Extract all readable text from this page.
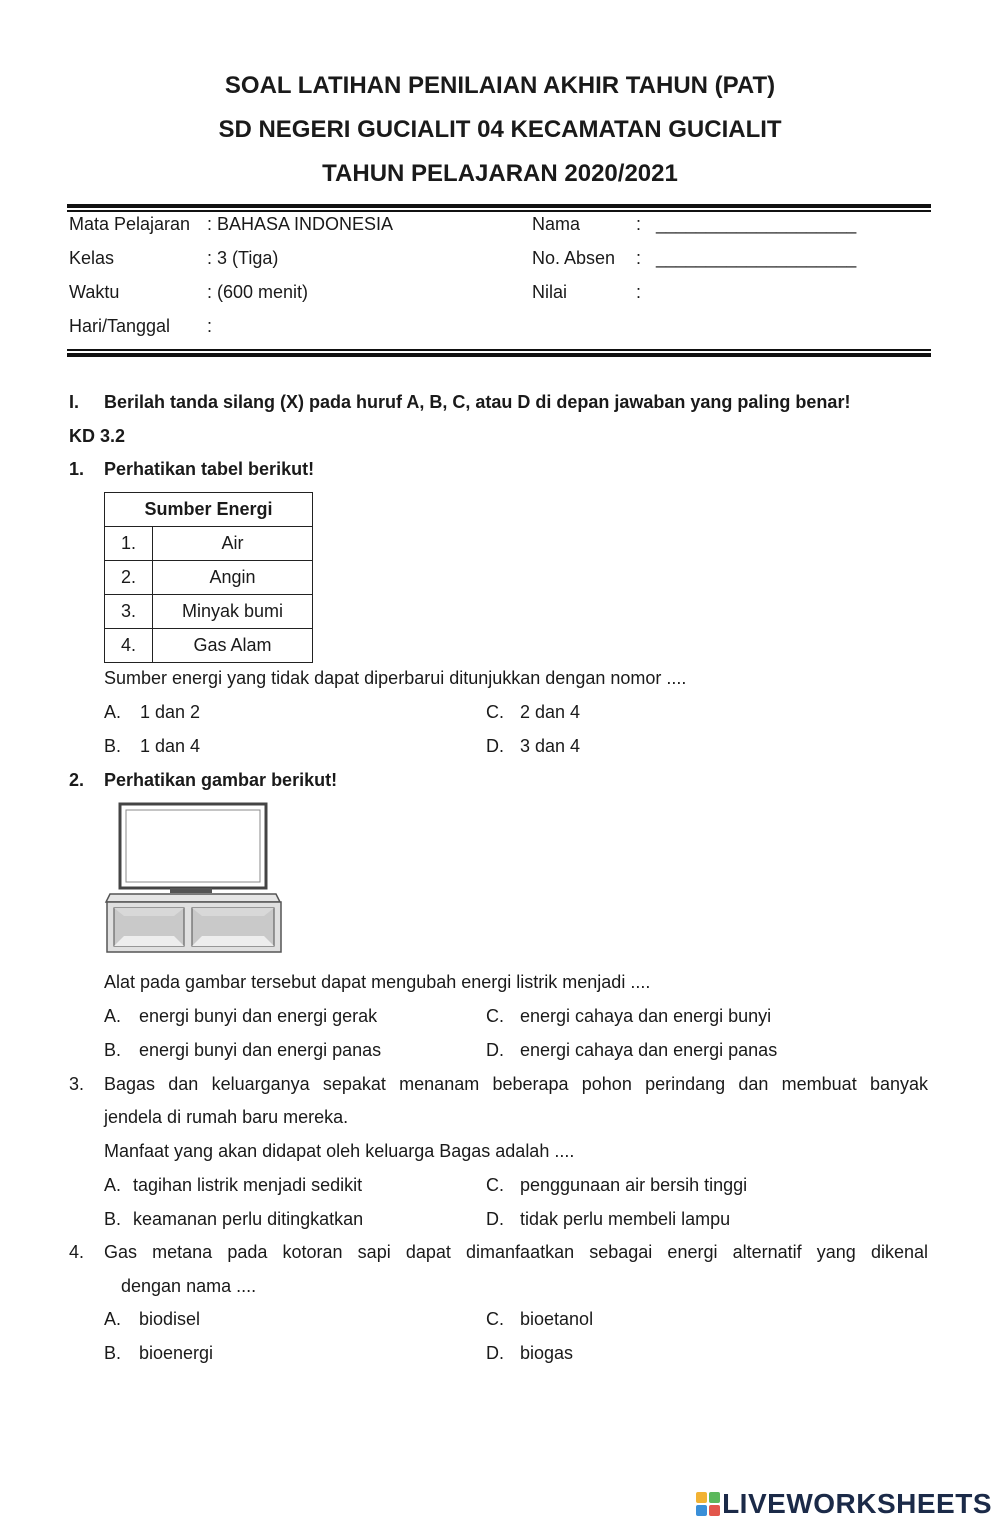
SOAL LATIHAN PENILAIAN AKHIR TAHUN (PAT)
SD NEGERI GUCIALIT 04 KECAMATAN GUCIALIT
TAHUN PELAJARAN 2020/2021
Mata Pelajaran : BAHASA INDONESIA
Kelas	: 3 (Tiga)
Waktu	: (600 menit)
Hari/Tanggal :
Nama	: ____________________
No. Absen : ____________________
Nilai	:
I. Berilah tanda silang (X) pada huruf A, B, C, atau D di depan jawaban yang paling benar!
KD 3.2
1. Perhatikan tabel berikut!
Sumber Energi	
1.	Air
2.	Angin
3.	Minyak bumi
4.	Gas Alam
Sumber energi yang tidak dapat diperbarui ditunjukkan dengan nomor ....
A. 1 dan 2
B. 1 dan 4
C. 2 dan 4
D. 3 dan 4
2. Perhatikan gambar berikut!
Alat pada gambar tersebut dapat mengubah energi listrik menjadi ....
A. energi bunyi dan energi gerak
B. energi bunyi dan energi panas
C. energi cahaya dan energi bunyi
D. energi cahaya dan energi panas
3. Bagas dan keluarganya sepakat menanam beberapa pohon perindang dan membuat banyak
jendela di rumah baru mereka.
Manfaat yang akan didapat oleh keluarga Bagas adalah ....
A. tagihan listrik menjadi sedikit
B. keamanan perlu ditingkatkan
C. penggunaan air bersih tinggi
D. tidak perlu membeli lampu
4. Gas metana pada kotoran sapi dapat dimanfaatkan sebagai energi alternatif yang dikenal
dengan nama ....
A. biodisel
B. bioenergi
C. bioetanol
D. biogas
LIVEWORKSHEETS
